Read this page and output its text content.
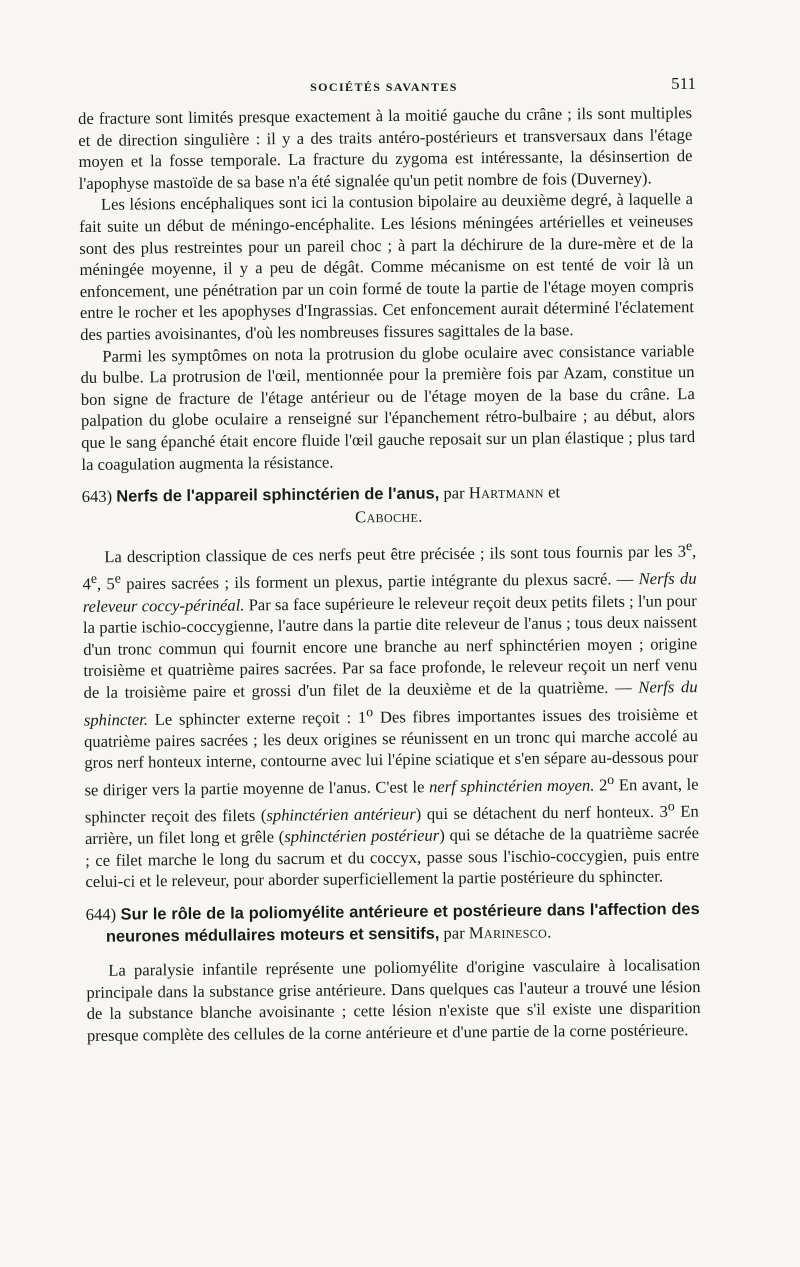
SOCIÉTÉS SAVANTES	511

de fracture sont limités presque exactement à la moitié gauche du crâne ; ils sont multiples et de direction singulière : il y a des traits antéro-postérieurs et transversaux dans l'étage moyen et la fosse temporale. La fracture du zygoma est intéressante, la désinsertion de l'apophyse mastoïde de sa base n'a été signalée qu'un petit nombre de fois (Duverney).

Les lésions encéphaliques sont ici la contusion bipolaire au deuxième degré, à laquelle a fait suite un début de méningo-encéphalite. Les lésions méningées artérielles et veineuses sont des plus restreintes pour un pareil choc ; à part la déchirure de la dure-mère et de la méningée moyenne, il y a peu de dégât. Comme mécanisme on est tenté de voir là un enfoncement, une pénétration par un coin formé de toute la partie de l'étage moyen compris entre le rocher et les apophyses d'Ingrassias. Cet enfoncement aurait déterminé l'éclatement des parties avoisinantes, d'où les nombreuses fissures sagittales de la base.

Parmi les symptômes on nota la protrusion du globe oculaire avec consistance variable du bulbe. La protrusion de l'œil, mentionnée pour la première fois par Azam, constitue un bon signe de fracture de l'étage antérieur ou de l'étage moyen de la base du crâne. La palpation du globe oculaire a renseigné sur l'épanchement rétro-bulbaire ; au début, alors que le sang épanché était encore fluide l'œil gauche reposait sur un plan élastique ; plus tard la coagulation augmenta la résistance.

643) Nerfs de l'appareil sphinctérien de l'anus, par Hartmann et
Caboche.

La description classique de ces nerfs peut être précisée ; ils sont tous fournis par les 3e, 4e, 5e paires sacrées ; ils forment un plexus, partie intégrante du plexus sacré. — Nerfs du releveur coccy-périnéal. Par sa face supérieure le releveur reçoit deux petits filets ; l'un pour la partie ischio-coccygienne, l'autre dans la partie dite releveur de l'anus ; tous deux naissent d'un tronc commun qui fournit encore une branche au nerf sphinctérien moyen ; origine troisième et quatrième paires sacrées. Par sa face profonde, le releveur reçoit un nerf venu de la troisième paire et grossi d'un filet de la deuxième et de la quatrième. — Nerfs du sphincter. Le sphincter externe reçoit : 1$^o$ Des fibres importantes issues des troisième et quatrième paires sacrées ; les deux origines se réunissent en un tronc qui marche accolé au gros nerf honteux interne, contourne avec lui l'épine sciatique et s'en sépare au-dessous pour se diriger vers la partie moyenne de l'anus. C'est le nerf sphinctérien moyen. 2$^o$ En avant, le sphincter reçoit des filets (sphinctérien antérieur) qui se détachent du nerf honteux. 3$^o$ En arrière, un filet long et grêle (sphinctérien postérieur) qui se détache de la quatrième sacrée ; ce filet marche le long du sacrum et du coccyx, passe sous l'ischio-coccygien, puis entre celui-ci et le releveur, pour aborder superficiellement la partie postérieure du sphincter.

644) Sur le rôle de la poliomyélite antérieure et postérieure dans l'affection des neurones médullaires moteurs et sensitifs, par Marinesco.

La paralysie infantile représente une poliomyélite d'origine vasculaire à localisation principale dans la substance grise antérieure. Dans quelques cas l'auteur a trouvé une lésion de la substance blanche avoisinante ; cette lésion n'existe que s'il existe une disparition presque complète des cellules de la corne antérieure et d'une partie de la corne postérieure.
